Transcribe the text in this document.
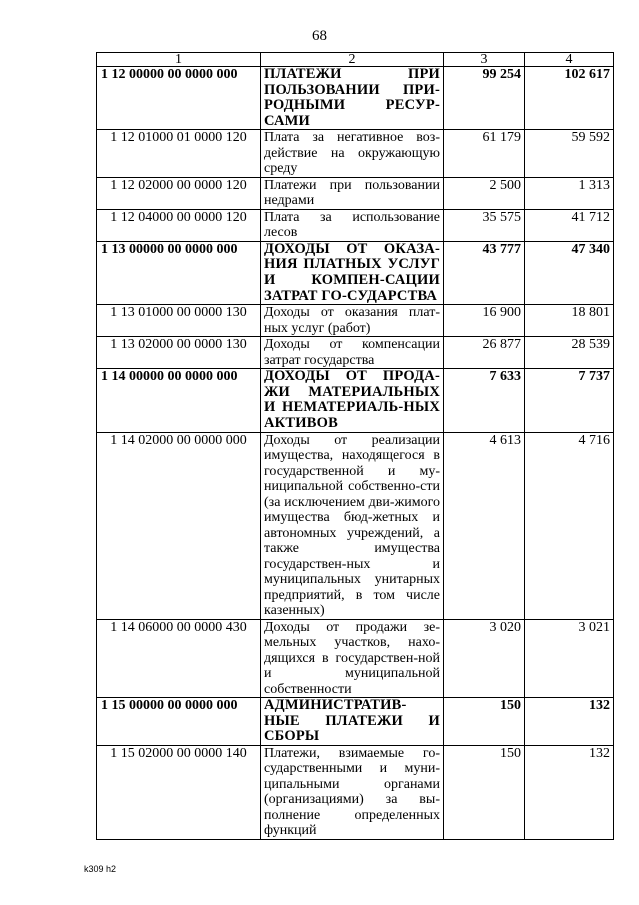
68
1	2	3	4
1 12 00000 00 0000 000	ПЛАТЕЖИ ПРИ ПОЛЬЗОВАНИИ ПРИ-РОДНЫМИ РЕСУР-САМИ	99 254	102 617
1 12 01000 01 0000 120	Плата за негативное воз-действие на окружающую среду	61 179	59 592
1 12 02000 00 0000 120	Платежи при пользовании недрами	2 500	1 313
1 12 04000 00 0000 120	Плата за использование лесов	35 575	41 712
1 13 00000 00 0000 000	ДОХОДЫ ОТ ОКАЗА-НИЯ ПЛАТНЫХ УСЛУГ И КОМПЕН-САЦИИ ЗАТРАТ ГО-СУДАРСТВА	43 777	47 340
1 13 01000 00 0000 130	Доходы от оказания плат-ных услуг (работ)	16 900	18 801
1 13 02000 00 0000 130	Доходы от компенсации затрат государства	26 877	28 539
1 14 00000 00 0000 000	ДОХОДЫ ОТ ПРОДА-ЖИ МАТЕРИАЛЬНЫХ И НЕМАТЕРИАЛЬ-НЫХ АКТИВОВ	7 633	7 737
1 14 02000 00 0000 000	Доходы от реализации имущества, находящегося в государственной и му-ниципальной собственно-сти (за исключением дви-жимого имущества бюд-жетных и автономных учреждений, а также имущества государствен-ных и муниципальных унитарных предприятий, в том числе казенных)	4 613	4 716
1 14 06000 00 0000 430	Доходы от продажи зе-мельных участков, нахо-дящихся в государствен-ной и муниципальной собственности	3 020	3 021
1 15 00000 00 0000 000	АДМИНИСТРАТИВ-НЫЕ ПЛАТЕЖИ И СБОРЫ	150	132
1 15 02000 00 0000 140	Платежи, взимаемые го-сударственными и муни-ципальными органами (организациями) за вы-полнение определенных функций	150	132
k309 h2
